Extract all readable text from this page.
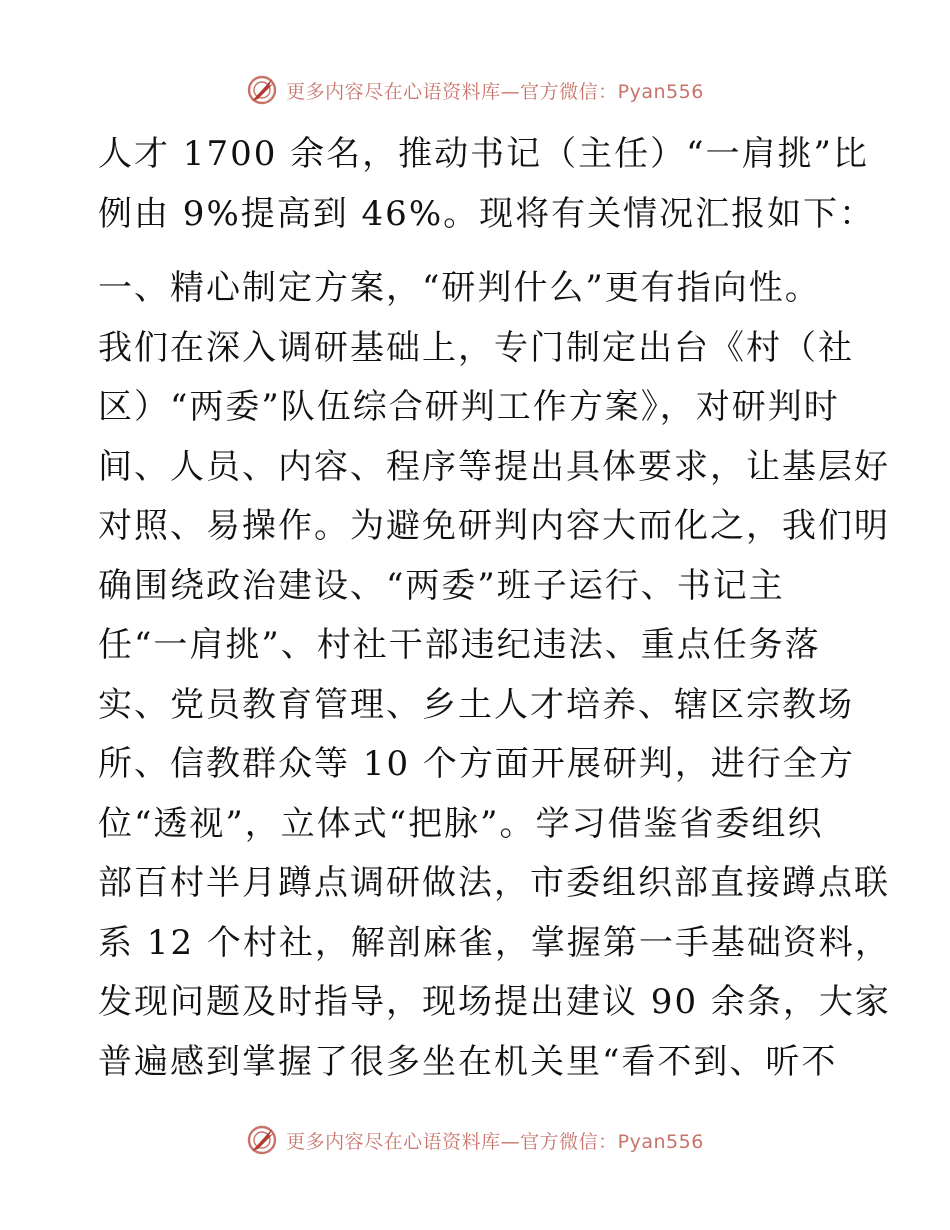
更多内容尽在心语资料库—官方微信：Pyan556
人才 1700 余名，推动书记（主任）“一肩挑”比
例由 9%提高到 46%。现将有关情况汇报如下：
一、精心制定方案，“研判什么”更有指向性。
我们在深入调研基础上，专门制定出台《村（社
区）“两委”队伍综合研判工作方案》，对研判时
间、人员、内容、程序等提出具体要求，让基层好
对照、易操作。为避免研判内容大而化之，我们明
确围绕政治建设、“两委”班子运行、书记主
任“一肩挑”、村社干部违纪违法、重点任务落
实、党员教育管理、乡土人才培养、辖区宗教场
所、信教群众等 10 个方面开展研判，进行全方
位“透视”，立体式“把脉”。学习借鉴省委组织
部百村半月蹲点调研做法，市委组织部直接蹲点联
系 12 个村社，解剖麻雀，掌握第一手基础资料，
发现问题及时指导，现场提出建议 90 余条，大家
普遍感到掌握了很多坐在机关里“看不到、听不
更多内容尽在心语资料库—官方微信：Pyan556
